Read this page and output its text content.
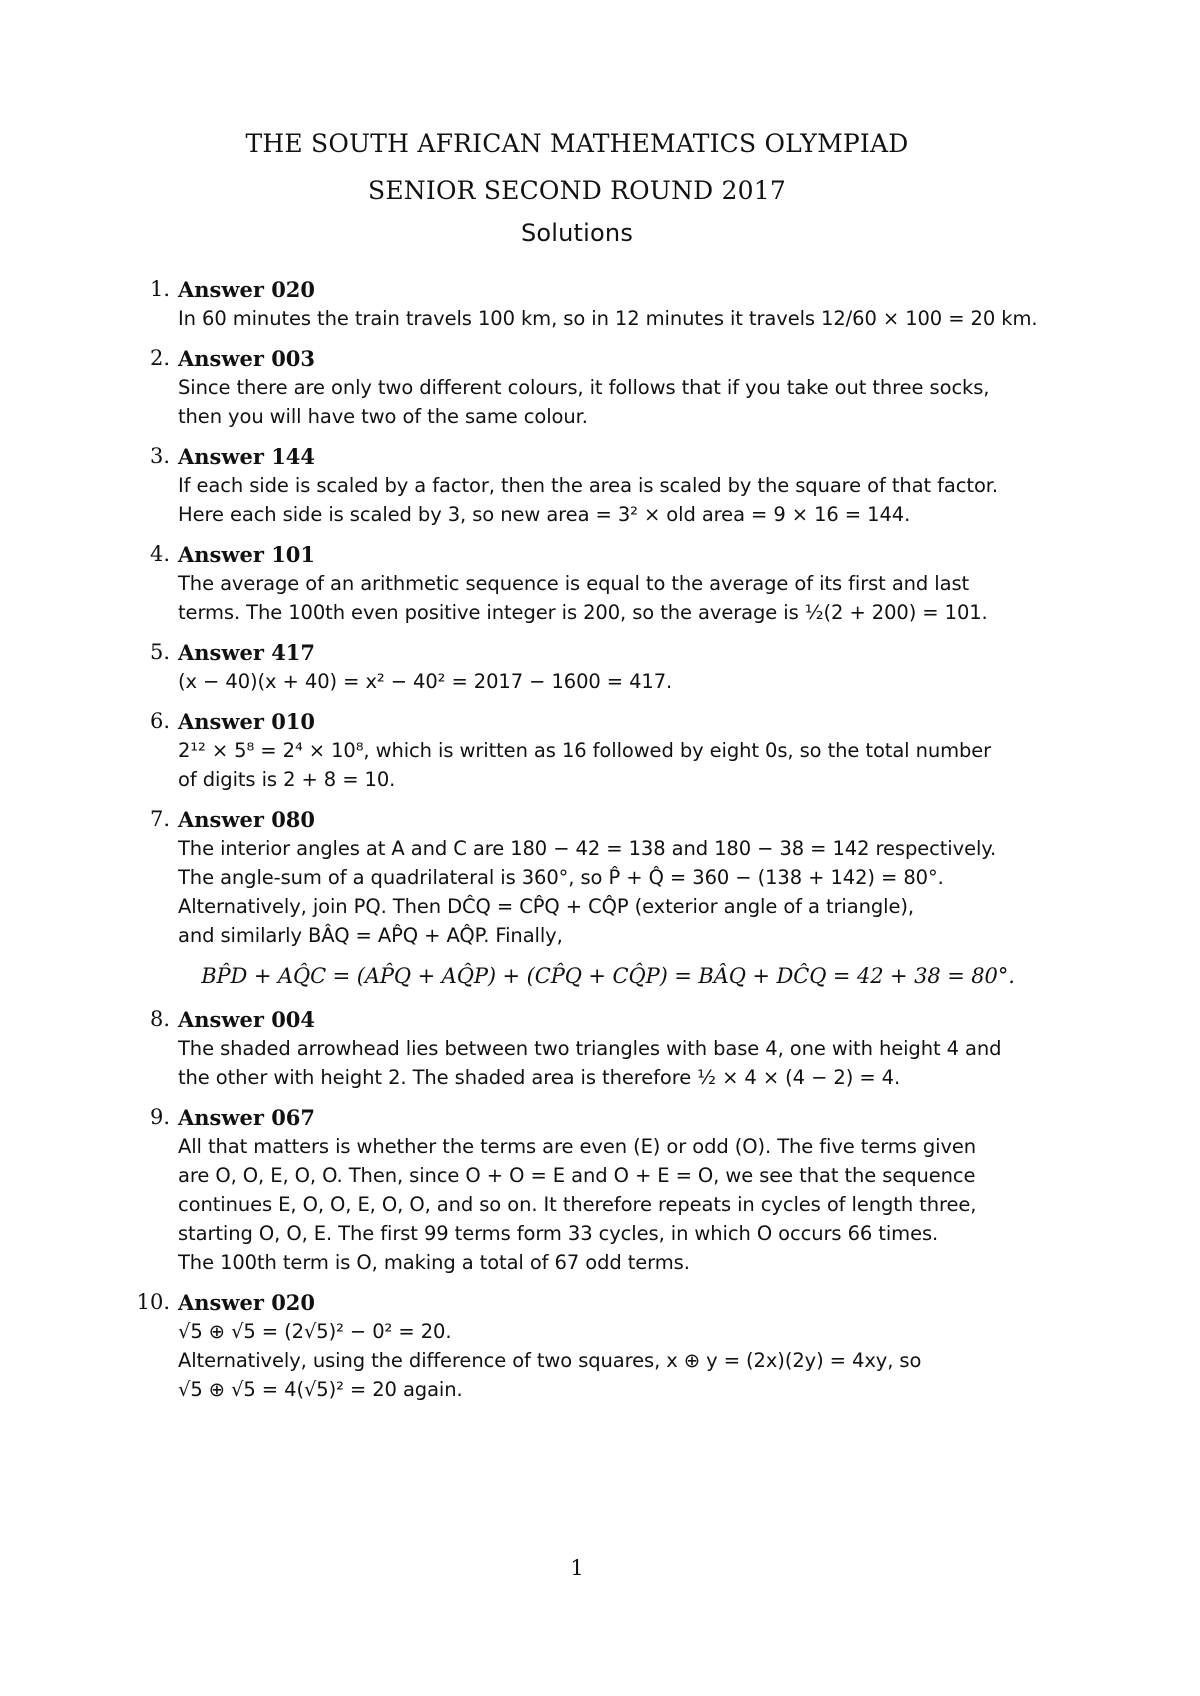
THE SOUTH AFRICAN MATHEMATICS OLYMPIAD
SENIOR SECOND ROUND 2017
Solutions
1. Answer 020
In 60 minutes the train travels 100 km, so in 12 minutes it travels 12/60 × 100 = 20 km.
2. Answer 003
Since there are only two different colours, it follows that if you take out three socks,
then you will have two of the same colour.
3. Answer 144
If each side is scaled by a factor, then the area is scaled by the square of that factor.
Here each side is scaled by 3, so new area = 3² × old area = 9 × 16 = 144.
4. Answer 101
The average of an arithmetic sequence is equal to the average of its first and last
terms. The 100th even positive integer is 200, so the average is ½(2 + 200) = 101.
5. Answer 417
(x − 40)(x + 40) = x² − 40² = 2017 − 1600 = 417.
6. Answer 010
2¹² × 5⁸ = 2⁴ × 10⁸, which is written as 16 followed by eight 0s, so the total number
of digits is 2 + 8 = 10.
7. Answer 080
The interior angles at A and C are 180 − 42 = 138 and 180 − 38 = 142 respectively.
The angle-sum of a quadrilateral is 360°, so P̂ + Q̂ = 360 − (138 + 142) = 80°.
Alternatively, join PQ. Then DĈQ = CP̂Q + CQ̂P (exterior angle of a triangle),
and similarly BÂQ = AP̂Q + AQ̂P. Finally,
BP̂D + AQ̂C = (AP̂Q + AQ̂P) + (CP̂Q + CQ̂P) = BÂQ + DĈQ = 42 + 38 = 80°.
8. Answer 004
The shaded arrowhead lies between two triangles with base 4, one with height 4 and
the other with height 2. The shaded area is therefore ½ × 4 × (4 − 2) = 4.
9. Answer 067
All that matters is whether the terms are even (E) or odd (O). The five terms given
are O, O, E, O, O. Then, since O + O = E and O + E = O, we see that the sequence
continues E, O, O, E, O, O, and so on. It therefore repeats in cycles of length three,
starting O, O, E. The first 99 terms form 33 cycles, in which O occurs 66 times.
The 100th term is O, making a total of 67 odd terms.
10. Answer 020
√5 ⊕ √5 = (2√5)² − 0² = 20.
Alternatively, using the difference of two squares, x ⊕ y = (2x)(2y) = 4xy, so
√5 ⊕ √5 = 4(√5)² = 20 again.
1
